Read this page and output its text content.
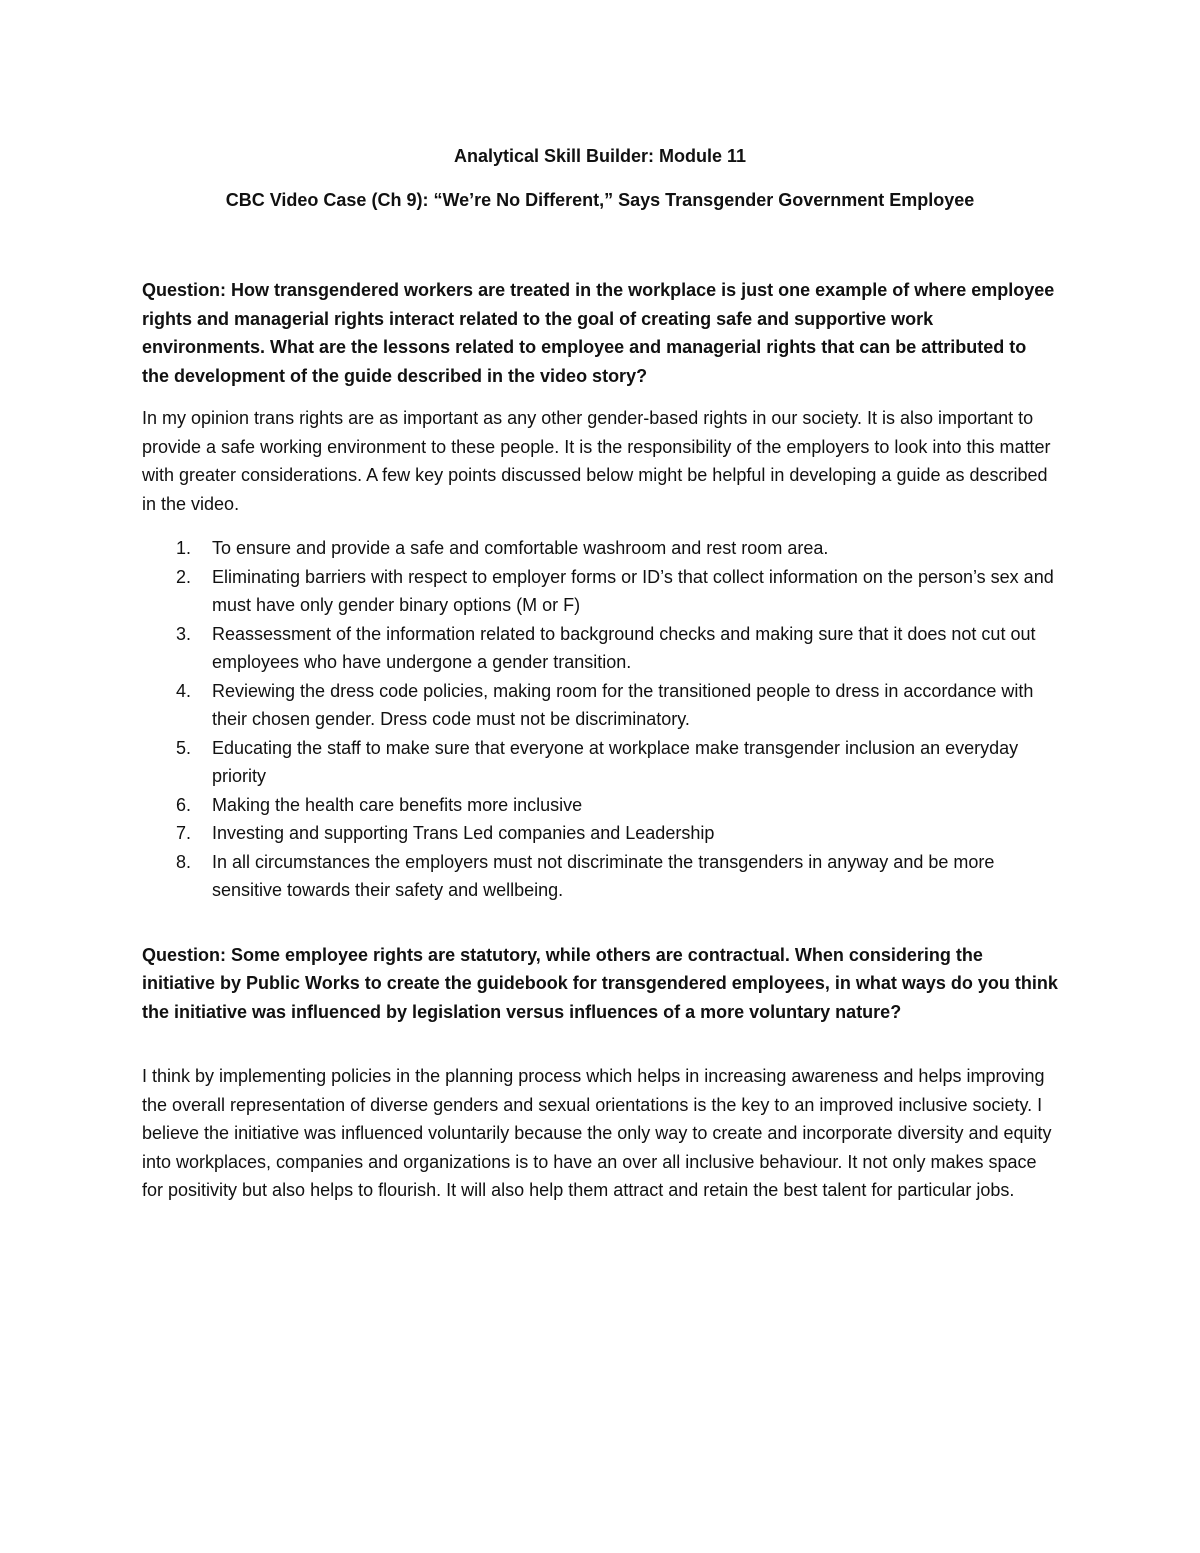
Analytical Skill Builder: Module 11

CBC Video Case (Ch 9): “We’re No Different,” Says Transgender Government Employee

Question: How transgendered workers are treated in the workplace is just one example of where employee rights and managerial rights interact related to the goal of creating safe and supportive work environments. What are the lessons related to employee and managerial rights that can be attributed to the development of the guide described in the video story?

In my opinion trans rights are as important as any other gender-based rights in our society. It is also important to provide a safe working environment to these people. It is the responsibility of the employers to look into this matter with greater considerations. A few key points discussed below might be helpful in developing a guide as described in the video.

1. To ensure and provide a safe and comfortable washroom and rest room area.
2. Eliminating barriers with respect to employer forms or ID’s that collect information on the person’s sex and must have only gender binary options (M or F)
3. Reassessment of the information related to background checks and making sure that it does not cut out employees who have undergone a gender transition.
4. Reviewing the dress code policies, making room for the transitioned people to dress in accordance with their chosen gender. Dress code must not be discriminatory.
5. Educating the staff to make sure that everyone at workplace make transgender inclusion an everyday priority
6. Making the health care benefits more inclusive
7. Investing and supporting Trans Led companies and Leadership
8. In all circumstances the employers must not discriminate the transgenders in anyway and be more sensitive towards their safety and wellbeing.

Question: Some employee rights are statutory, while others are contractual. When considering the initiative by Public Works to create the guidebook for transgendered employees, in what ways do you think the initiative was influenced by legislation versus influences of a more voluntary nature?

I think by implementing policies in the planning process which helps in increasing awareness and helps improving the overall representation of diverse genders and sexual orientations is the key to an improved inclusive society. I believe the initiative was influenced voluntarily because the only way to create and incorporate diversity and equity into workplaces, companies and organizations is to have an over all inclusive behaviour. It not only makes space for positivity but also helps to flourish. It will also help them attract and retain the best talent for particular jobs.
